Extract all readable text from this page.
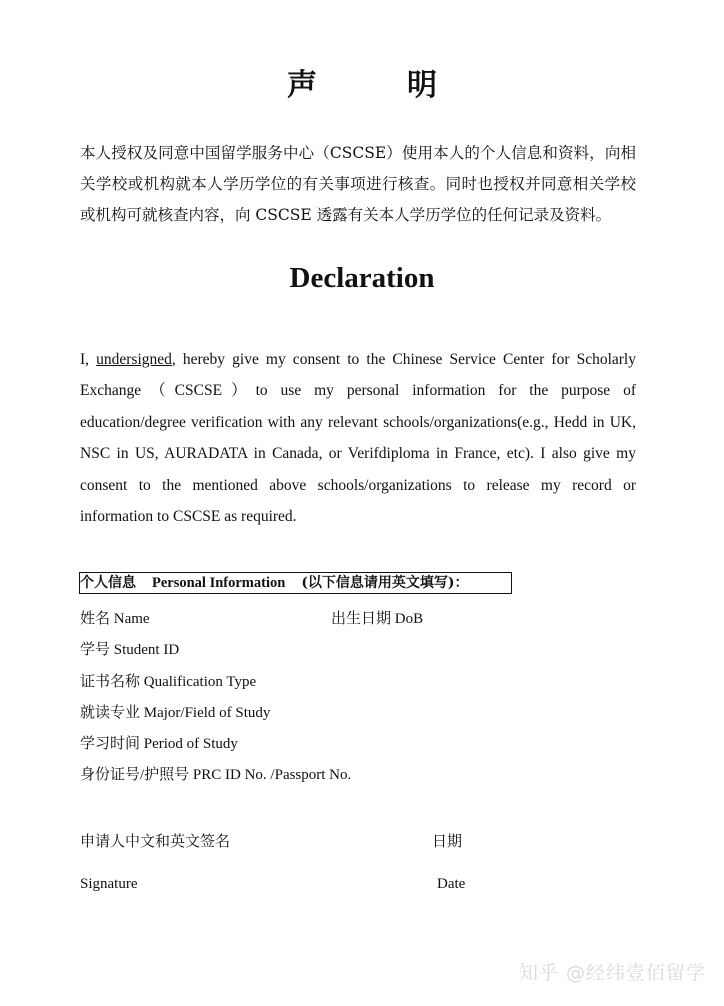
声　明
本人授权及同意中国留学服务中心（CSCSE）使用本人的个人信息和资料，向相关学校或机构就本人学历学位的有关事项进行核查。同时也授权并同意相关学校或机构可就核查内容，向 CSCSE 透露有关本人学历学位的任何记录及资料。
Declaration
I, undersigned, hereby give my consent to the Chinese Service Center for Scholarly Exchange（CSCSE）to use my personal information for the purpose of education/degree verification with any relevant schools/organizations(e.g., Hedd in UK, NSC in US, AURADATA in Canada, or Verifdiploma in France, etc). I also give my consent to the mentioned above schools/organizations to release my record or information to CSCSE as required.
个人信息 Personal Information (以下信息请用英文填写)：
姓名 Name	出生日期 DoB
学号 Student ID
证书名称 Qualification Type
就读专业 Major/Field of Study
学习时间 Period of Study
身份证号/护照号 PRC ID No. /Passport No.
申请人中文和英文签名	日期
Signature	Date
知乎 @经纬壹佰留学
